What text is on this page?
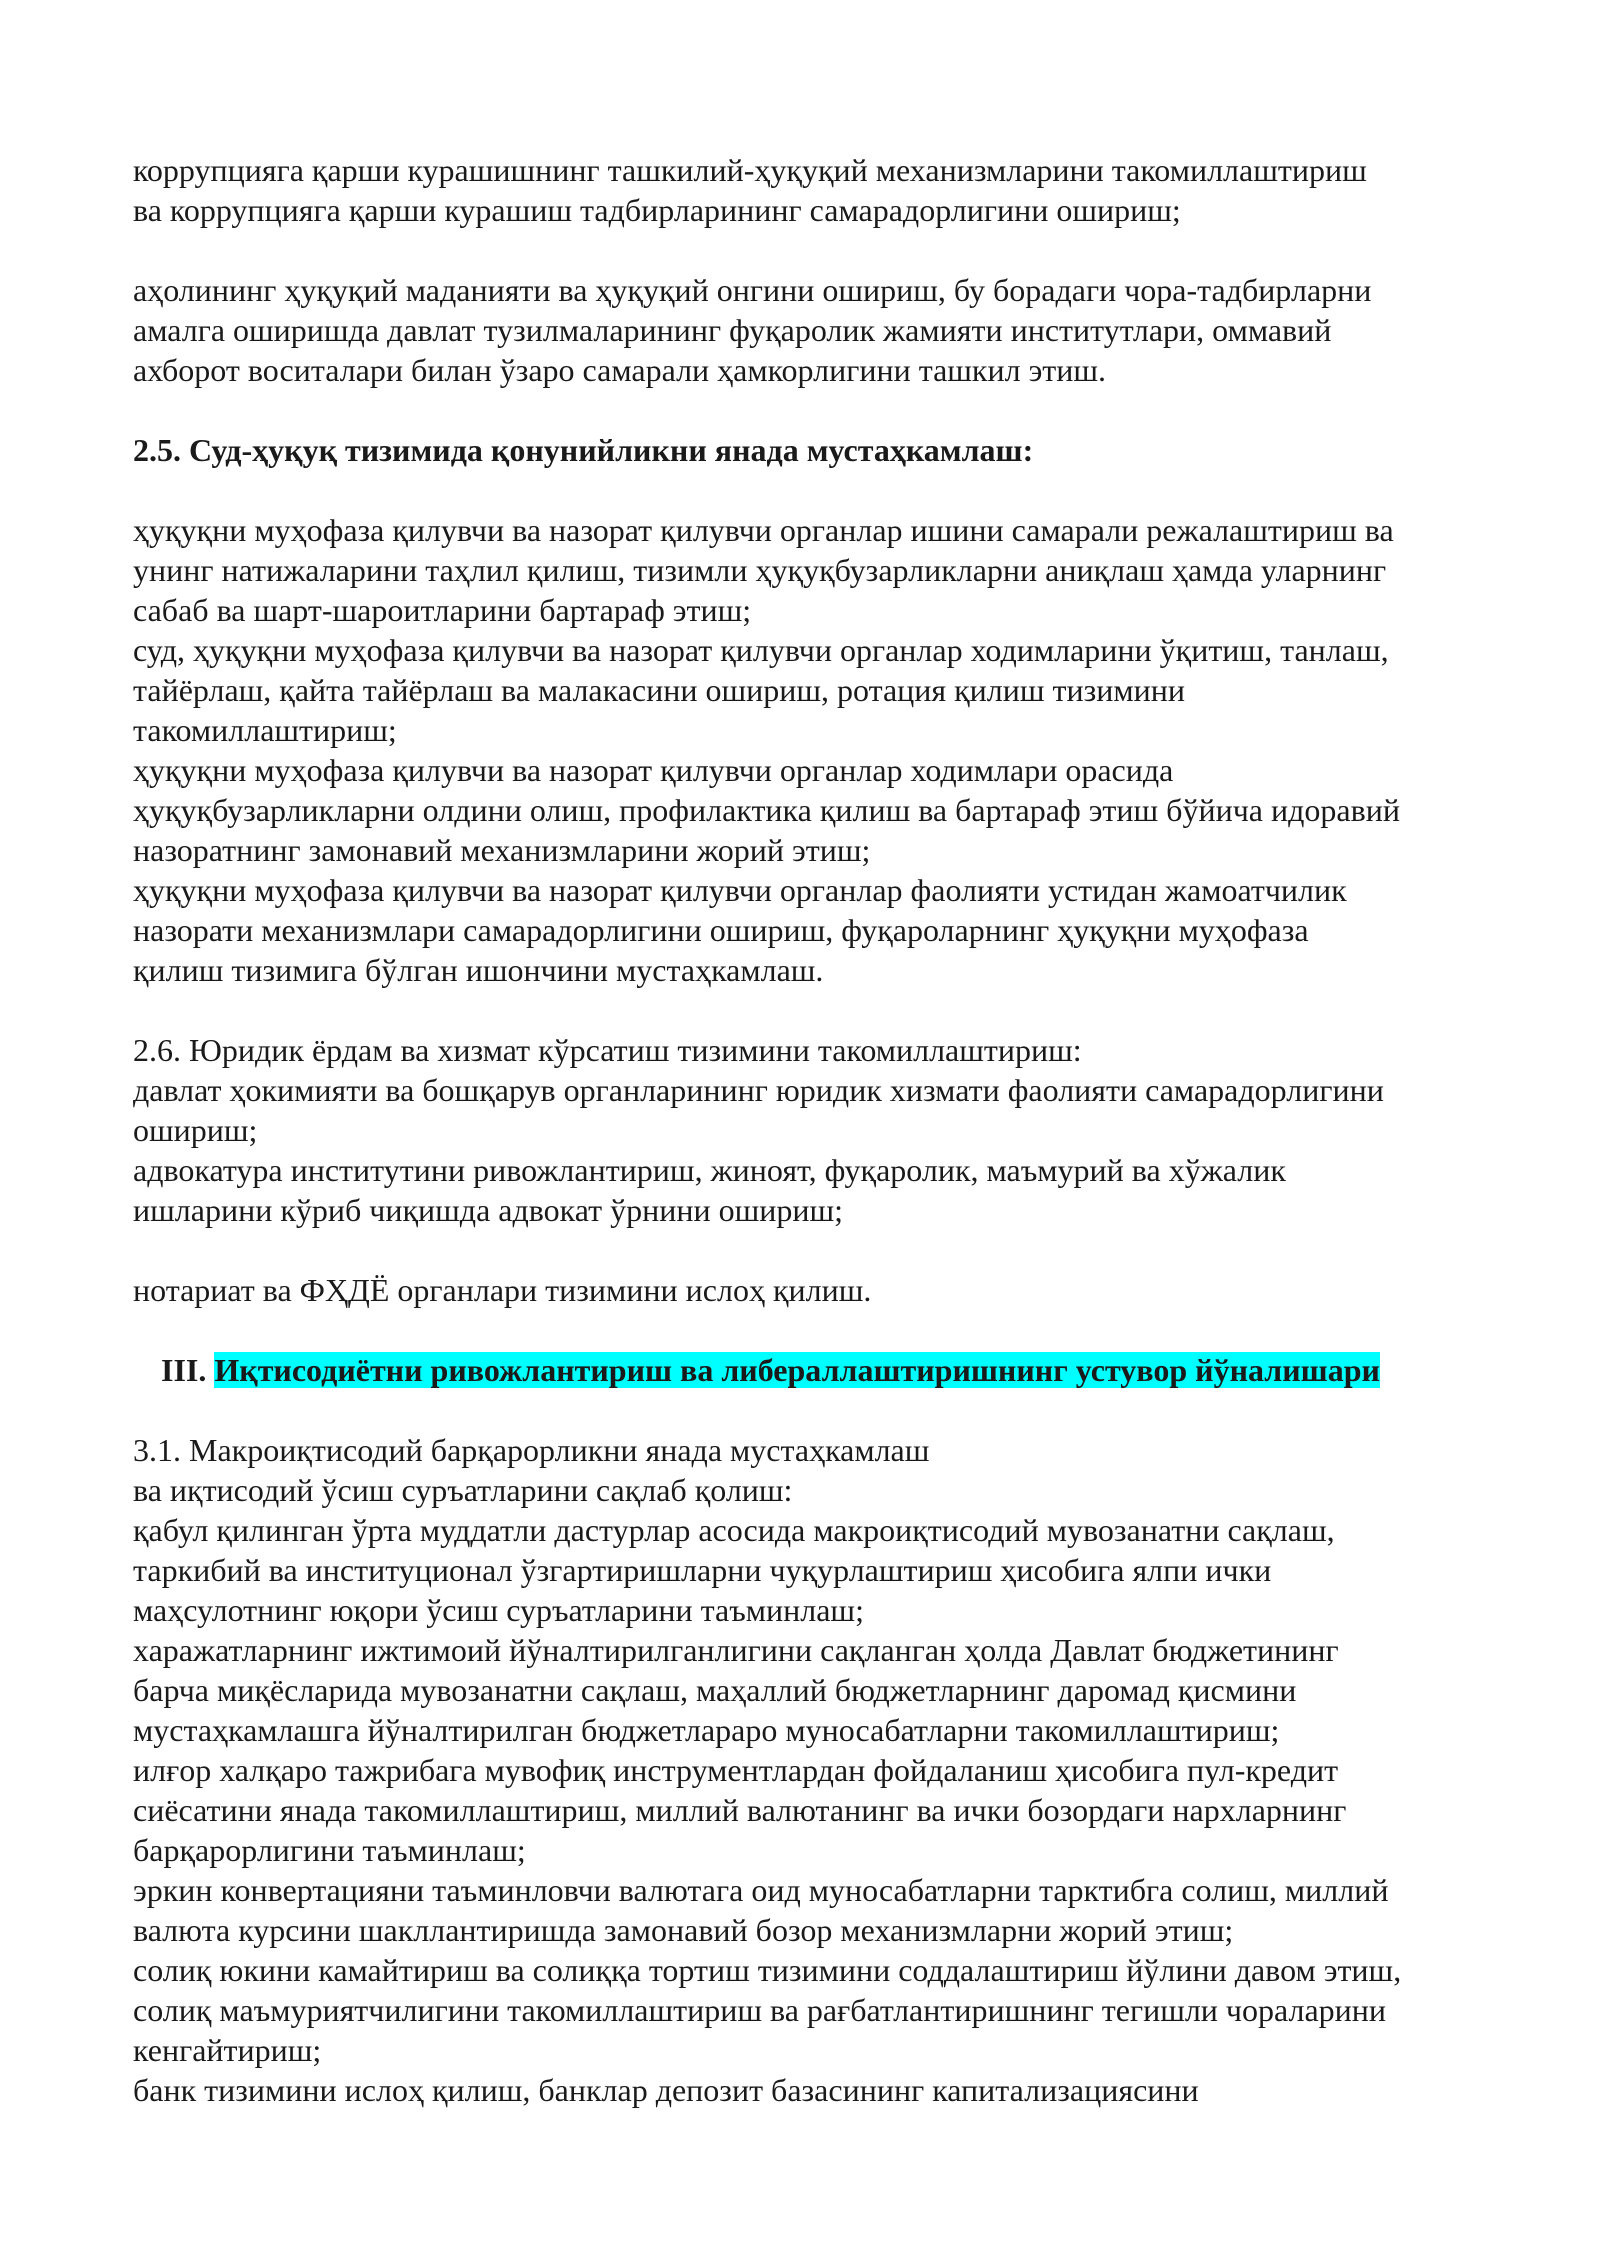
коррупцияга қарши курашишнинг ташкилий-ҳуқуқий механизмларини такомиллаштириш
ва коррупцияга қарши курашиш тадбирларининг самарадорлигини ошириш;
аҳолининг ҳуқуқий маданияти ва ҳуқуқий онгини ошириш, бу борадаги чора-тадбирларни
амалга оширишда давлат тузилмаларининг фуқаролик жамияти институтлари, оммавий
ахборот воситалари билан ўзаро самарали ҳамкорлигини ташкил этиш.
2.5. Суд-ҳуқуқ тизимида қонунийликни янада мустаҳкамлаш:
ҳуқуқни муҳофаза қилувчи ва назорат қилувчи органлар ишини самарали режалаштириш ва
унинг натижаларини таҳлил қилиш, тизимли ҳуқуқбузарликларни аниқлаш ҳамда уларнинг
сабаб ва шарт-шароитларини бартараф этиш;
суд, ҳуқуқни муҳофаза қилувчи ва назорат қилувчи органлар ходимларини ўқитиш, танлаш,
тайёрлаш, қайта тайёрлаш ва малакасини ошириш, ротация қилиш тизимини
такомиллаштириш;
ҳуқуқни муҳофаза қилувчи ва назорат қилувчи органлар ходимлари орасида
ҳуқуқбузарликларни олдини олиш, профилактика қилиш ва бартараф этиш бўйича идоравий
назоратнинг замонавий механизмларини жорий этиш;
ҳуқуқни муҳофаза қилувчи ва назорат қилувчи органлар фаолияти устидан жамоатчилик
назорати механизмлари самарадорлигини ошириш, фуқароларнинг ҳуқуқни муҳофаза
қилиш тизимига бўлган ишончини мустаҳкамлаш.
2.6. Юридик ёрдам ва хизмат кўрсатиш тизимини такомиллаштириш:
давлат ҳокимияти ва бошқарув органларининг юридик хизмати фаолияти самарадорлигини
ошириш;
адвокатура институтини ривожлантириш, жиноят, фуқаролик, маъмурий ва хўжалик
ишларини кўриб чиқишда адвокат ўрнини ошириш;
нотариат ва ФҲДЁ органлари тизимини ислоҳ қилиш.
III. Иқтисодиётни ривожлантириш ва либераллаштиришнинг устувор йўналишари
3.1. Макроиқтисодий барқарорликни янада мустаҳкамлаш
ва иқтисодий ўсиш суръатларини сақлаб қолиш:
қабул қилинган ўрта муддатли дастурлар асосида макроиқтисодий мувозанатни сақлаш,
таркибий ва институционал ўзгартиришларни чуқурлаштириш ҳисобига ялпи ички
маҳсулотнинг юқори ўсиш суръатларини таъминлаш;
харажатларнинг ижтимоий йўналтирилганлигини сақланган ҳолда Давлат бюджетининг
барча миқёсларида мувозанатни сақлаш, маҳаллий бюджетларнинг даромад қисмини
мустаҳкамлашга йўналтирилган бюджетлараро муносабатларни такомиллаштириш;
илғор халқаро тажрибага мувофиқ инструментлардан фойдаланиш ҳисобига пул-кредит
сиёсатини янада такомиллаштириш, миллий валютанинг ва ички бозордаги нархларнинг
барқарорлигини таъминлаш;
эркин конвертацияни таъминловчи валютага оид муносабатларни тарктибга солиш, миллий
валюта курсини шакллантиришда замонавий бозор механизмларни жорий этиш;
солиқ юкини камайтириш ва солиққа тортиш тизимини соддалаштириш йўлини давом этиш,
солиқ маъмуриятчилигини такомиллаштириш ва рағбатлантиришнинг тегишли чораларини
кенгайтириш;
банк тизимини ислоҳ қилиш, банклар депозит базасининг капитализациясини
